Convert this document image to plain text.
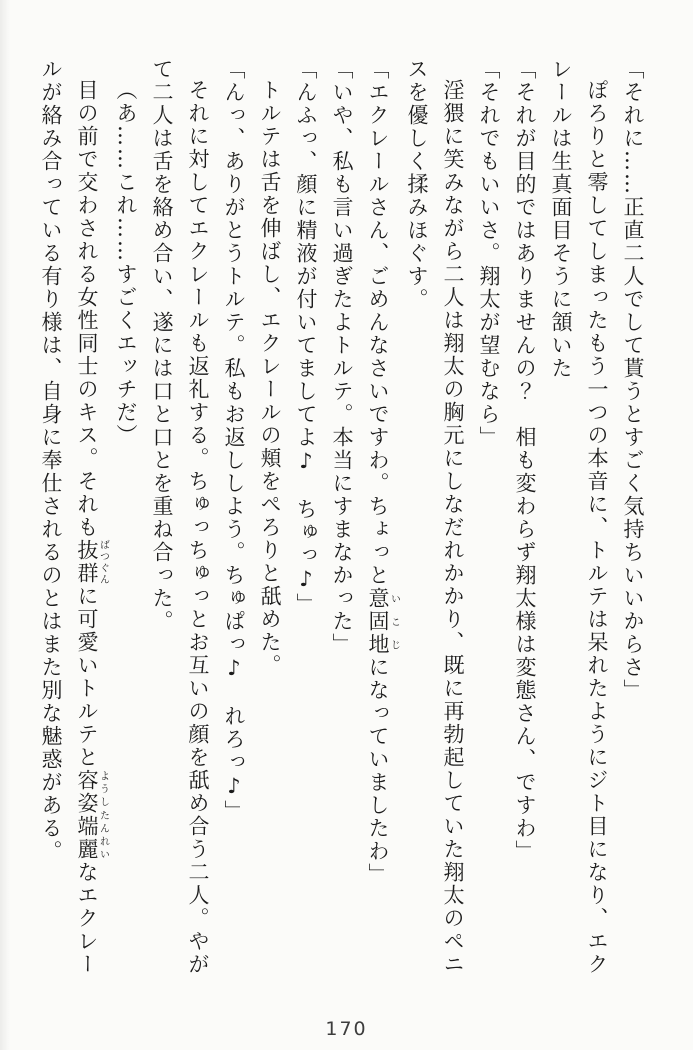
「それに……正直二人でして貰うとすごく気持ちいいからさ」

ぽろりと零してしまったもう一つの本音に、トルテは呆れたようにジト目になり、エクレールは生真面目そうに頷いた

「それが目的ではありませんの？　相も変わらず翔太様は変態さん、ですわ」

「それでもいいさ。翔太が望むなら」

淫猥に笑みながら二人は翔太の胸元にしなだれかかり、既に再勃起していた翔太のペニスを優しく揉みほぐす。

「エクレールさん、ごめんなさいですわ。ちょっと意固地いこじになっていましたわ」

「いや、私も言い過ぎたよトルテ。本当にすまなかった」

「んふっ、顔に精液が付いてましてよ♪　ちゅっ♪」

トルテは舌を伸ばし、エクレールの頬をぺろりと舐めた。

「んっ、ありがとうトルテ。私もお返ししよう。ちゅぱっ♪　れろっ♪」

それに対してエクレールも返礼する。ちゅっちゅっとお互いの顔を舐め合う二人。やがて二人は舌を絡め合い、遂には口と口とを重ね合った。

（あ……これ……すごくエッチだ）

目の前で交わされる女性同士のキス。それも抜群ばつぐんに可愛いトルテと容姿端麗ようしたんれいなエクレールが絡み合っている有り様は、自身に奉仕されるのとはまた別な魅惑がある。

170
